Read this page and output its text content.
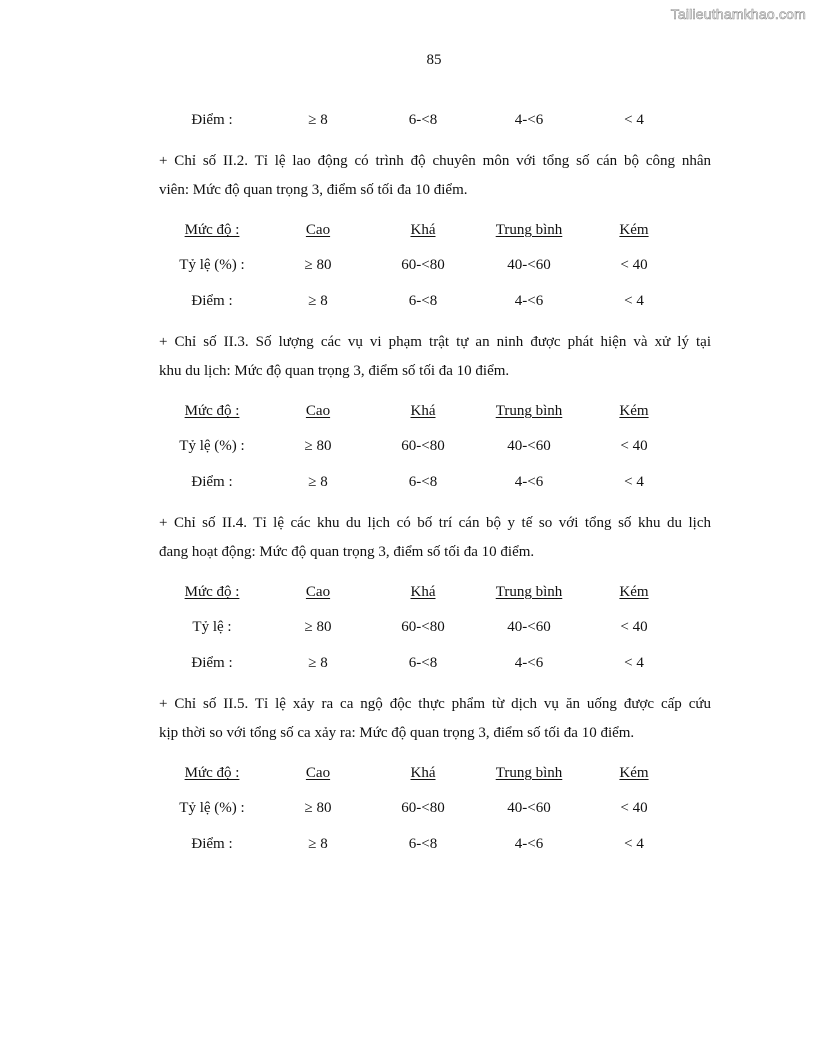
Tailieuthamkhao.com
85
Điểm :	≥ 8	6-<8	4-<6	< 4
+ Chỉ số II.2. Tỉ lệ lao động có trình độ chuyên môn với tổng số cán bộ công nhân
viên: Mức độ quan trọng 3, điểm số tối đa 10 điểm.
Mức độ :	Cao	Khá	Trung bình	Kém
Tỷ lệ (%) :	≥ 80	60-<80	40-<60	< 40
Điểm :	≥ 8	6-<8	4-<6	< 4
+ Chỉ số II.3. Số lượng các vụ vi phạm trật tự an ninh được phát hiện và xử lý tại
khu du lịch: Mức độ quan trọng 3, điểm số tối đa 10 điểm.
Mức độ :	Cao	Khá	Trung bình	Kém
Tỷ lệ (%) :	≥ 80	60-<80	40-<60	< 40
Điểm :	≥ 8	6-<8	4-<6	< 4
+ Chỉ số II.4. Tỉ lệ các khu du lịch có bố trí cán bộ y tế so với tổng số khu du lịch
đang hoạt động: Mức độ quan trọng 3, điểm số tối đa 10 điểm.
Mức độ :	Cao	Khá	Trung bình	Kém
Tỷ lệ :	≥ 80	60-<80	40-<60	< 40
Điểm :	≥ 8	6-<8	4-<6	< 4
+ Chỉ số II.5. Tỉ lệ xảy ra ca ngộ độc thực phẩm từ dịch vụ ăn uống được cấp cứu
kịp thời so với tổng số ca xảy ra: Mức độ quan trọng 3, điểm số tối đa 10 điểm.
Mức độ :	Cao	Khá	Trung bình	Kém
Tỷ lệ (%) :	≥ 80	60-<80	40-<60	< 40
Điểm :	≥ 8	6-<8	4-<6	< 4
